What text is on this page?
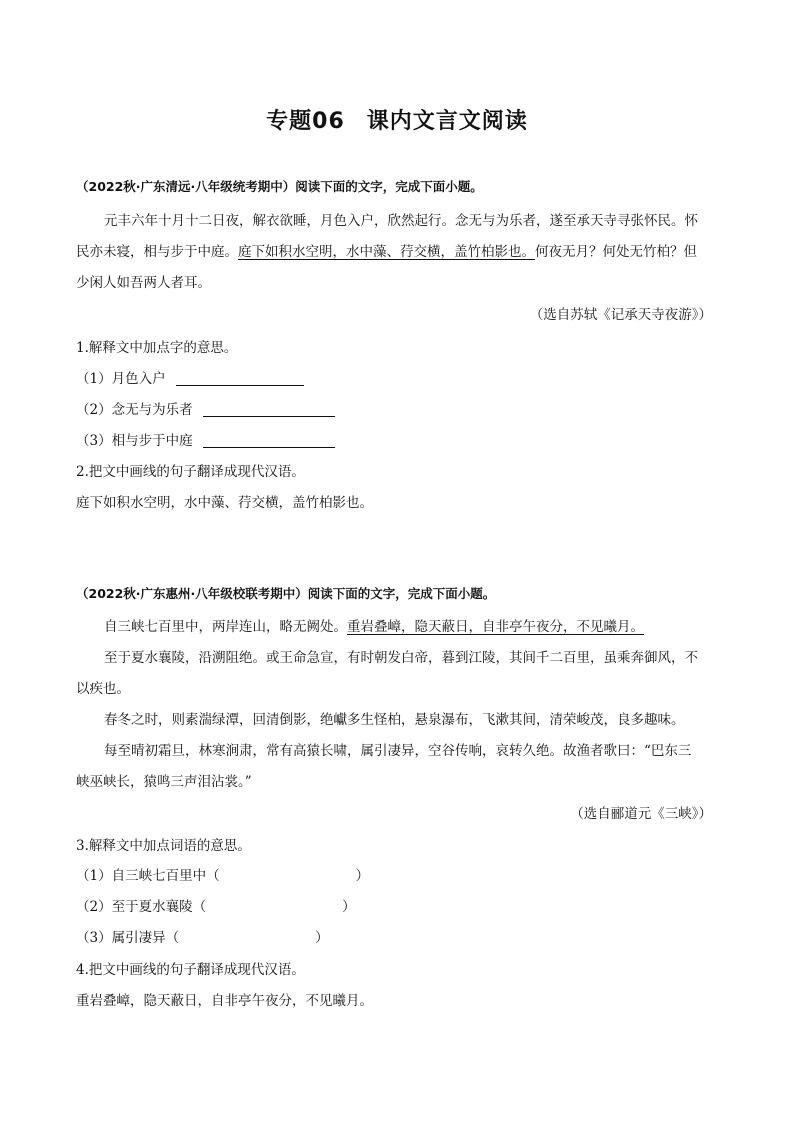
专题06 课内文言文阅读
（2022秋·广东清远·八年级统考期中）阅读下面的文字，完成下面小题。
元丰六年十月十二日夜，解衣欲睡，月色入户，欣然起行。念无与为乐者，遂至承天寺寻张怀民。怀
民亦未寝，相与步于中庭。庭下如积水空明，水中藻、荇交横，盖竹柏影也。何夜无月？何处无竹柏？但
少闲人如吾两人者耳。
（选自苏轼《记承天寺夜游》）
1.解释文中加点字的意思。
（1）月色入户
（2）念无与为乐者
（3）相与步于中庭
2.把文中画线的句子翻译成现代汉语。
庭下如积水空明，水中藻、荇交横，盖竹柏影也。
（2022秋·广东惠州·八年级校联考期中）阅读下面的文字，完成下面小题。
自三峡七百里中，两岸连山，略无阙处。重岩叠嶂，隐天蔽日，自非亭午夜分，不见曦月。
至于夏水襄陵，沿溯阻绝。或王命急宣，有时朝发白帝，暮到江陵，其间千二百里，虽乘奔御风，不
以疾也。
春冬之时，则素湍绿潭，回清倒影，绝巘多生怪柏，悬泉瀑布，飞漱其间，清荣峻茂，良多趣味。
每至晴初霜旦，林寒涧肃，常有高猿长啸，属引凄异，空谷传响，哀转久绝。故渔者歌曰：“巴东三
峡巫峡长，猿鸣三声泪沾裳。”
（选自郦道元《三峡》）
3.解释文中加点词语的意思。
（1）自三峡七百里中（	）
（2）至于夏水襄陵（	）
（3）属引凄异（	）
4.把文中画线的句子翻译成现代汉语。
重岩叠嶂，隐天蔽日，自非亭午夜分，不见曦月。
